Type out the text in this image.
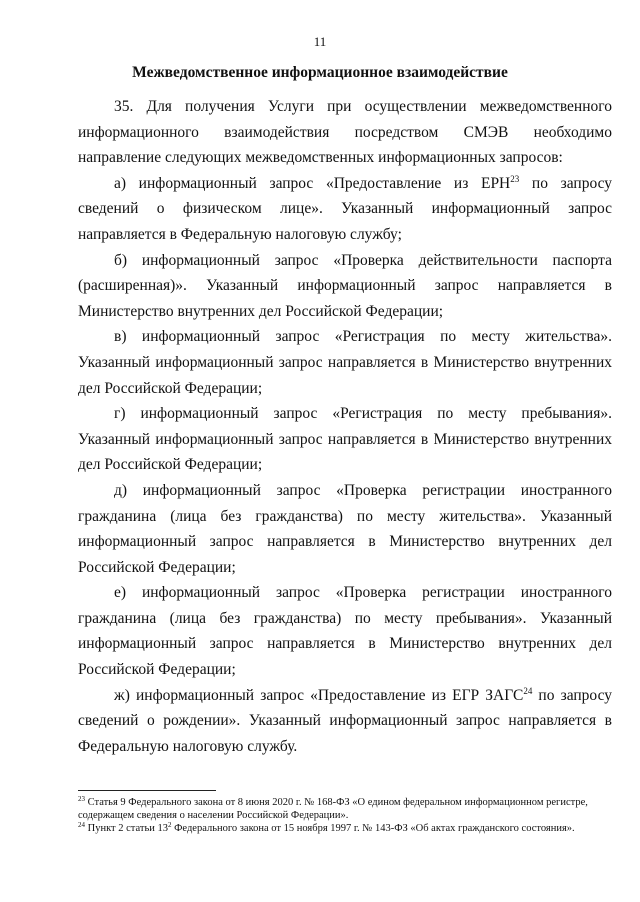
11
Межведомственное информационное взаимодействие

35. Для получения Услуги при осуществлении межведомственного информационного взаимодействия посредством СМЭВ необходимо направление следующих межведомственных информационных запросов:

а) информационный запрос «Предоставление из ЕРН$^{23}$ по запросу сведений о физическом лице». Указанный информационный запрос направляется в Федеральную налоговую службу;

б) информационный запрос «Проверка действительности паспорта (расширенная)». Указанный информационный запрос направляется в Министерство внутренних дел Российской Федерации;

в) информационный запрос «Регистрация по месту жительства». Указанный информационный запрос направляется в Министерство внутренних дел Российской Федерации;

г) информационный запрос «Регистрация по месту пребывания». Указанный информационный запрос направляется в Министерство внутренних дел Российской Федерации;

д) информационный запрос «Проверка регистрации иностранного гражданина (лица без гражданства) по месту жительства». Указанный информационный запрос направляется в Министерство внутренних дел Российской Федерации;

е) информационный запрос «Проверка регистрации иностранного гражданина (лица без гражданства) по месту пребывания». Указанный информационный запрос направляется в Министерство внутренних дел Российской Федерации;

ж) информационный запрос «Предоставление из ЕГР ЗАГС$^{24}$ по запросу сведений о рождении». Указанный информационный запрос направляется в Федеральную налоговую службу.

$^{23}$ Статья 9 Федерального закона от 8 июня 2020 г. № 168-ФЗ «О едином федеральном информационном регистре, содержащем сведения о населении Российской Федерации».

$^{24}$ Пункт 2 статьи $13^2$ Федерального закона от 15 ноября 1997 г. № 143-ФЗ «Об актах гражданского состояния».
